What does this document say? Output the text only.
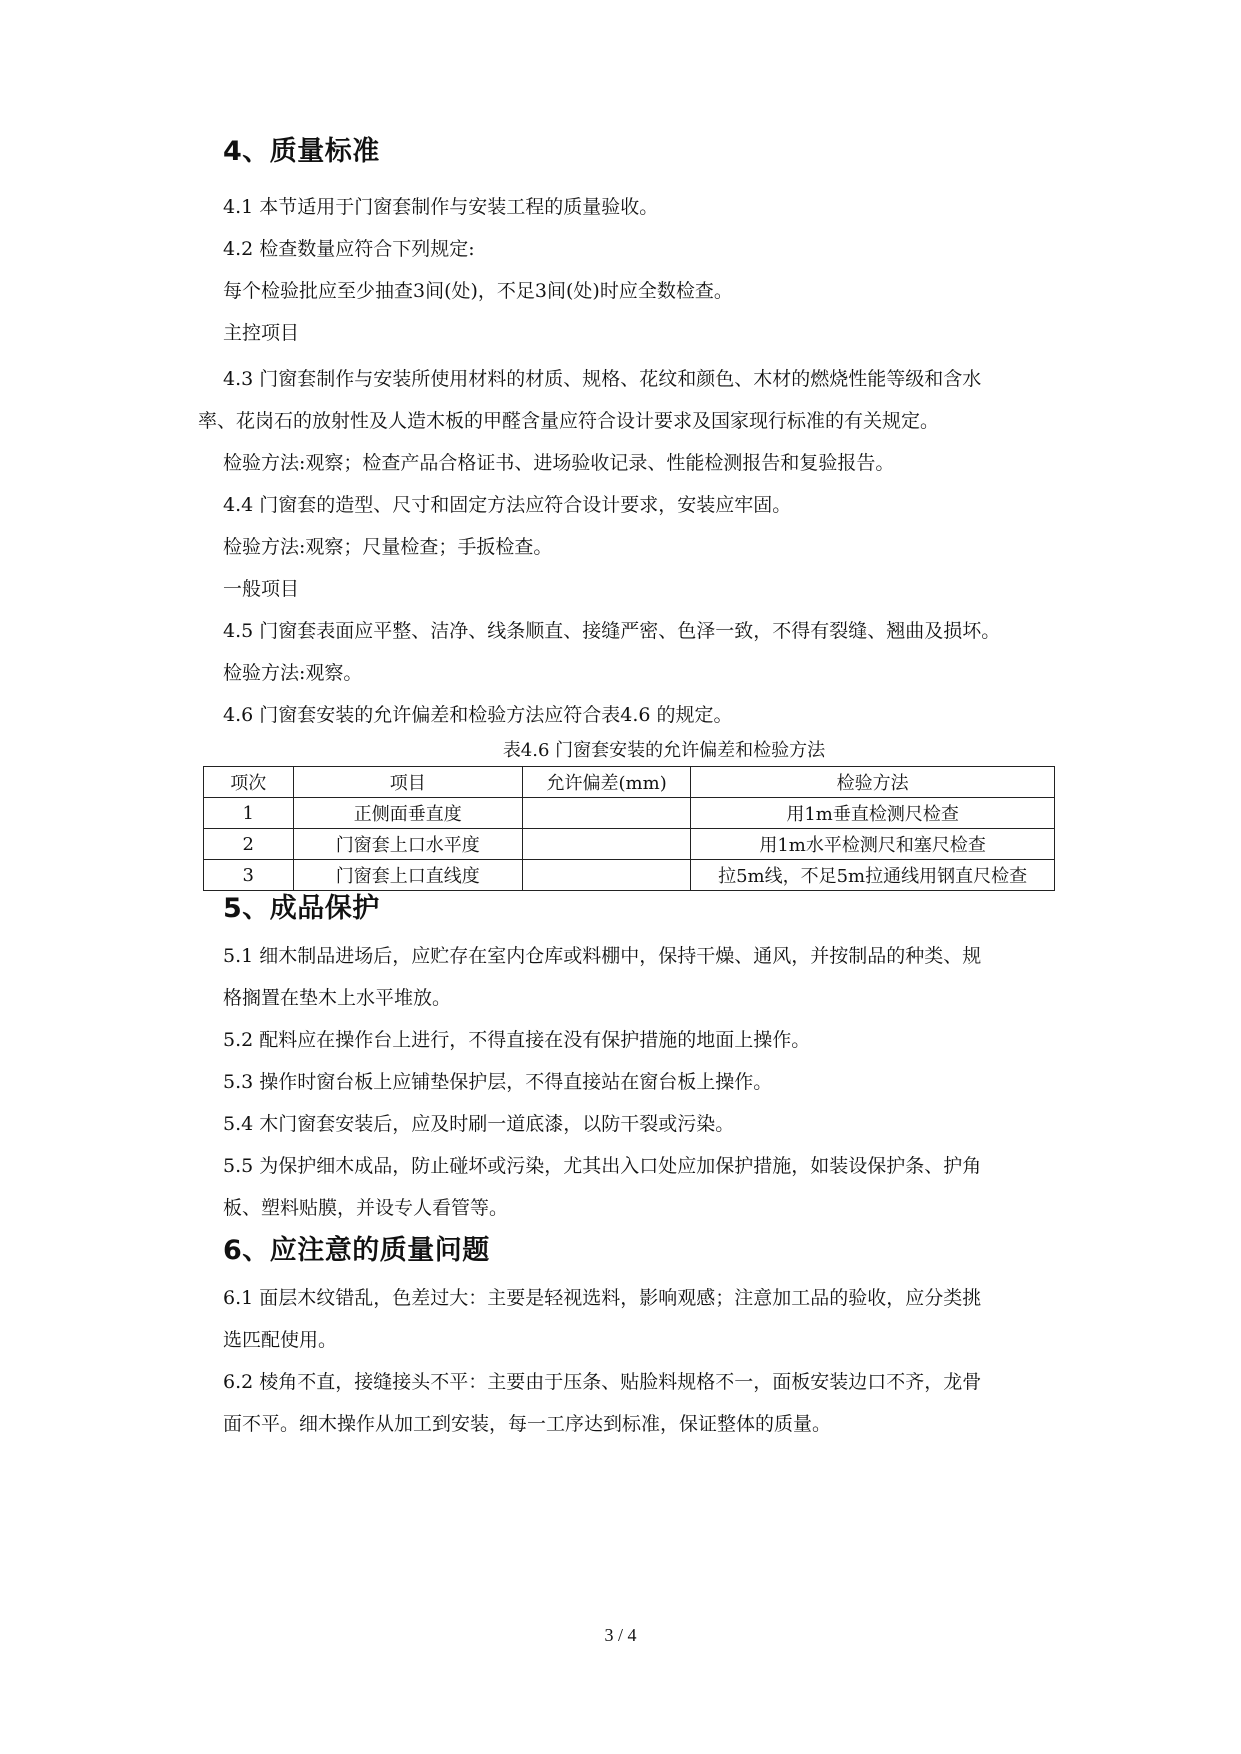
4、质量标准

4.1 本节适用于门窗套制作与安装工程的质量验收。

4.2 检查数量应符合下列规定:

每个检验批应至少抽查3间(处)，不足3间(处)时应全数检查。

主控项目

4.3 门窗套制作与安装所使用材料的材质、规格、花纹和颜色、木材的燃烧性能等级和含水

率、花岗石的放射性及人造木板的甲醛含量应符合设计要求及国家现行标准的有关规定。

检验方法:观察；检查产品合格证书、进场验收记录、性能检测报告和复验报告。

4.4 门窗套的造型、尺寸和固定方法应符合设计要求，安装应牢固。

检验方法:观察；尺量检查；手扳检查。

一般项目

4.5 门窗套表面应平整、洁净、线条顺直、接缝严密、色泽一致，不得有裂缝、翘曲及损坏。

检验方法:观察。

4.6 门窗套安装的允许偏差和检验方法应符合表4.6 的规定。

表4.6 门窗套安装的允许偏差和检验方法

项次	项目	允许偏差(mm)	检验方法
1	正侧面垂直度		用1m垂直检测尺检查
2	门窗套上口水平度		用1m水平检测尺和塞尺检查
3	门窗套上口直线度		拉5m线，不足5m拉通线用钢直尺检查
5、成品保护

5.1 细木制品进场后，应贮存在室内仓库或料棚中，保持干燥、通风，并按制品的种类、规

格搁置在垫木上水平堆放。

5.2 配料应在操作台上进行，不得直接在没有保护措施的地面上操作。

5.3 操作时窗台板上应铺垫保护层，不得直接站在窗台板上操作。

5.4 木门窗套安装后，应及时刷一道底漆，以防干裂或污染。

5.5 为保护细木成品，防止碰坏或污染，尤其出入口处应加保护措施，如装设保护条、护角

板、塑料贴膜，并设专人看管等。

6、应注意的质量问题

6.1 面层木纹错乱，色差过大：主要是轻视选料，影响观感；注意加工品的验收，应分类挑

选匹配使用。

6.2 棱角不直，接缝接头不平：主要由于压条、贴脸料规格不一，面板安装边口不齐，龙骨

面不平。细木操作从加工到安装，每一工序达到标准，保证整体的质量。

3 / 4
